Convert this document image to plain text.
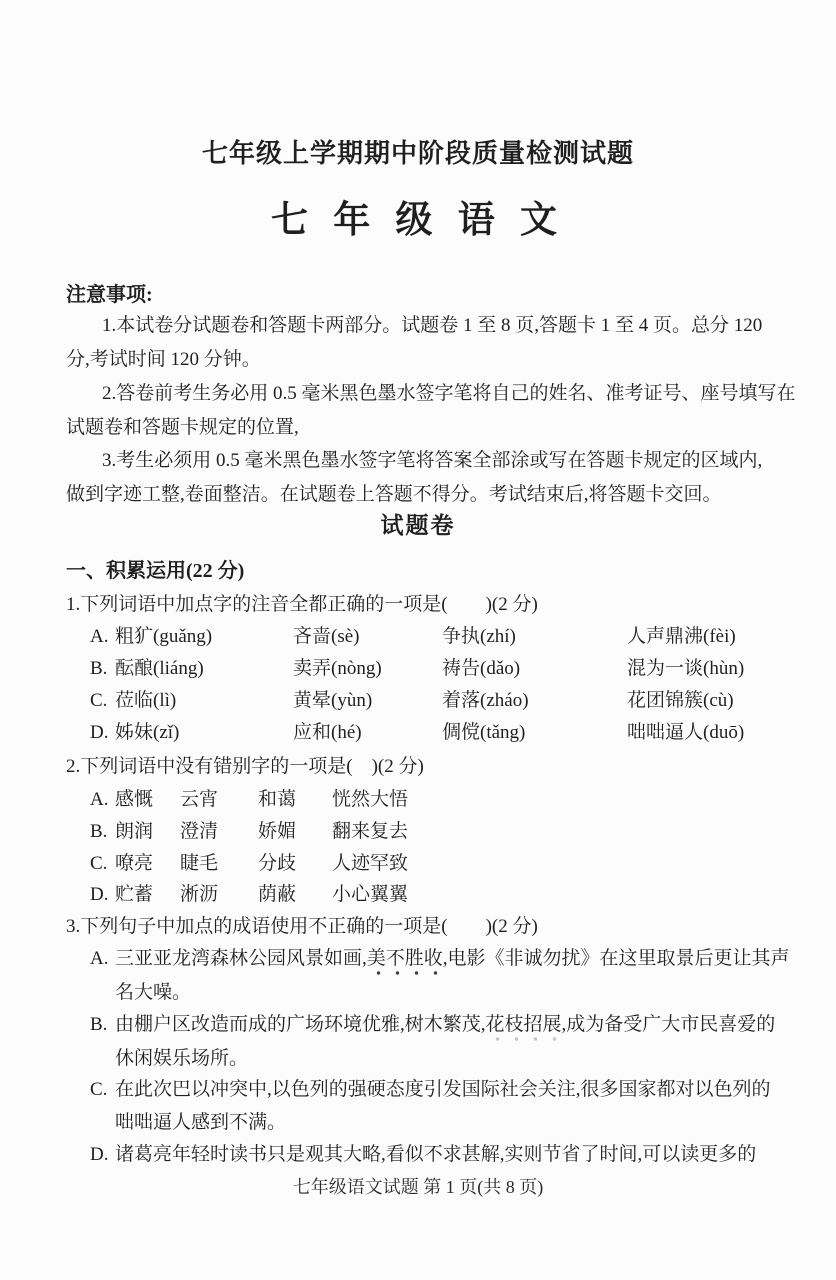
七年级上学期期中阶段质量检测试题
七 年 级 语 文
注意事项:
1.本试卷分试题卷和答题卡两部分。试题卷 1 至 8 页,答题卡 1 至 4 页。总分 120
分,考试时间 120 分钟。
2.答卷前考生务必用 0.5 毫米黑色墨水签字笔将自己的姓名、准考证号、座号填写在
试题卷和答题卡规定的位置,
3.考生必须用 0.5 毫米黑色墨水签字笔将答案全部涂或写在答题卡规定的区域内,
做到字迹工整,卷面整洁。在试题卷上答题不得分。考试结束后,将答题卡交回。
试题卷
一、积累运用(22 分)
1.下列词语中加点字的注音全都正确的一项是(　　)(2 分)
A. 粗犷(guǎng)	吝啬(sè)	争执(zhí)	人声鼎沸(fèi)
B. 酝酿(liáng)	卖弄(nòng)	祷告(dǎo)	混为一谈(hùn)
C. 莅临(lì)	黄晕(yùn)	着落(zháo)	花团锦簇(cù)
D. 姊妹(zǐ)	应和(hé)	倜傥(tǎng)	咄咄逼人(duō)
2.下列词语中没有错别字的一项是(　)(2 分)
A. 感慨	云宵	和蔼	恍然大悟
B. 朗润	澄清	娇媚	翻来复去
C. 嘹亮	睫毛	分歧	人迹罕致
D. 贮蓄	淅沥	荫蔽	小心翼翼
3.下列句子中加点的成语使用不正确的一项是(　　)(2 分)
A. 三亚亚龙湾森林公园风景如画,美不胜收,电影《非诚勿扰》在这里取景后更让其声
名大噪。
B. 由棚户区改造而成的广场环境优雅,树木繁茂,花枝招展,成为备受广大市民喜爱的
休闲娱乐场所。
C. 在此次巴以冲突中,以色列的强硬态度引发国际社会关注,很多国家都对以色列的
咄咄逼人感到不满。
D. 诸葛亮年轻时读书只是观其大略,看似不求甚解,实则节省了时间,可以读更多的
七年级语文试题 第 1 页(共 8 页)
